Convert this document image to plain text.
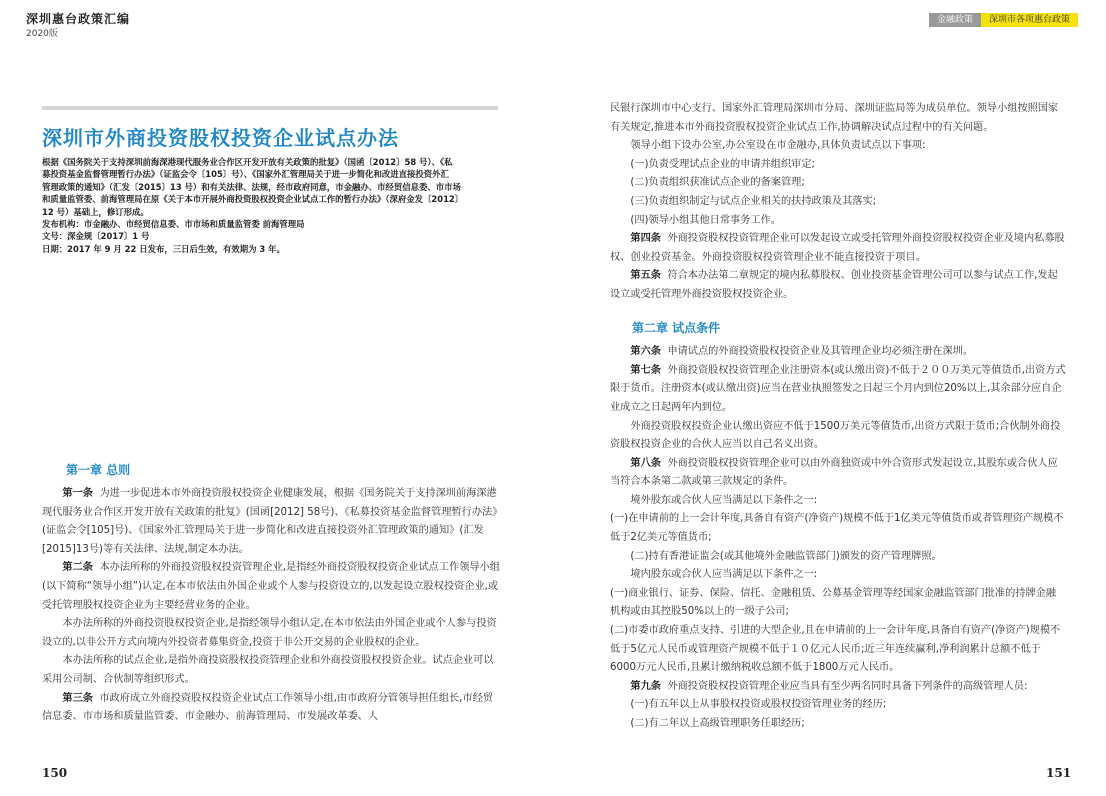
深圳惠台政策汇编
2020版
金融政策	深圳市各项惠台政策
深圳市外商投资股权投资企业试点办法
根据《国务院关于支持深圳前海深港现代服务业合作区开发开放有关政策的批复》（国函〔2012〕58 号）、《私
募投资基金监督管理暂行办法》（证监会令〔105〕号）、《国家外汇管理局关于进一步简化和改进直接投资外汇
管理政策的通知》（汇发〔2015〕13 号）和有关法律、法规，经市政府同意，市金融办、市经贸信息委、市市场
和质量监管委、前海管理局在原《关于本市开展外商投资股权投资企业试点工作的暂行办法》（深府金发〔2012〕
12 号）基础上，修订形成。
发布机构：市金融办、市经贸信息委、市市场和质量监管委 前海管理局
文号：深金规〔2017〕1 号
日期：2017 年 9 月 22 日发布，三日后生效，有效期为 3 年。
第一章 总则

第一条 为进一步促进本市外商投资股权投资企业健康发展，根据《国务院关于支持深圳前海深港现代服务业合作区开发开放有关政策的批复》(国函[2012] 58号)、《私募投资基金监督管理暂行办法》(证监会令[105]号)、《国家外汇管理局关于进一步简化和改进直接投资外汇管理政策的通知》(汇发[2015]13号)等有关法律、法规,制定本办法。

第二条 本办法所称的外商投资股权投资管理企业,是指经外商投资股权投资企业试点工作领导小组(以下简称“领导小组”)认定,在本市依法由外国企业或个人参与投资设立的,以发起设立股权投资企业,或受托管理股权投资企业为主要经营业务的企业。

本办法所称的外商投资股权投资企业,是指经领导小组认定,在本市依法由外国企业或个人参与投资设立的,以非公开方式向境内外投资者募集资金,投资于非公开交易的企业股权的企业。

本办法所称的试点企业,是指外商投资股权投资管理企业和外商投资股权投资企业。试点企业可以采用公司制、合伙制等组织形式。

第三条 市政府成立外商投资股权投资企业试点工作领导小组,由市政府分管领导担任组长,市经贸信息委、市市场和质量监管委、市金融办、前海管理局、市发展改革委、人

民银行深圳市中心支行、国家外汇管理局深圳市分局、深圳证监局等为成员单位。领导小组按照国家有关规定,推进本市外商投资股权投资企业试点工作,协调解决试点过程中的有关问题。

领导小组下设办公室,办公室设在市金融办,具体负责试点以下事项:

(一)负责受理试点企业的申请并组织审定;

(二)负责组织获准试点企业的备案管理;

(三)负责组织制定与试点企业相关的扶持政策及其落实;

(四)领导小组其他日常事务工作。

第四条 外商投资股权投资管理企业可以发起设立或受托管理外商投资股权投资企业及境内私募股权、创业投资基金。外商投资股权投资管理企业不能直接投资于项目。

第五条 符合本办法第二章规定的境内私募股权、创业投资基金管理公司可以参与试点工作,发起设立或受托管理外商投资股权投资企业。

第二章 试点条件

第六条 申请试点的外商投资股权投资企业及其管理企业均必须注册在深圳。

第七条 外商投资股权投资管理企业注册资本(或认缴出资)不低于２００万美元等值货币,出资方式限于货币。注册资本(或认缴出资)应当在营业执照签发之日起三个月内到位20%以上,其余部分应自企业成立之日起两年内到位。

外商投资股权投资企业认缴出资应不低于1500万美元等值货币,出资方式限于货币;合伙制外商投资股权投资企业的合伙人应当以自己名义出资。

第八条 外商投资股权投资管理企业可以由外商独资或中外合资形式发起设立,其股东或合伙人应当符合本条第二款或第三款规定的条件。

境外股东或合伙人应当满足以下条件之一:

(一)在申请前的上一会计年度,具备自有资产(净资产)规模不低于1亿美元等值货币或者管理资产规模不低于2亿美元等值货币;

(二)持有香港证监会(或其他境外金融监管部门)颁发的资产管理牌照。

境内股东或合伙人应当满足以下条件之一:

(一)商业银行、证券、保险、信托、金融租赁、公募基金管理等经国家金融监管部门批准的持牌金融机构或由其控股50%以上的一级子公司;

(二)市委市政府重点支持、引进的大型企业,且在申请前的上一会计年度,具备自有资产(净资产)规模不低于5亿元人民币或管理资产规模不低于１０亿元人民币;近三年连续赢利,净利润累计总额不低于6000万元人民币,且累计缴纳税收总额不低于1800万元人民币。

第九条 外商投资股权投资管理企业应当具有至少两名同时具备下列条件的高级管理人员:

(一)有五年以上从事股权投资或股权投资管理业务的经历;

(二)有二年以上高级管理职务任职经历;

150	151
